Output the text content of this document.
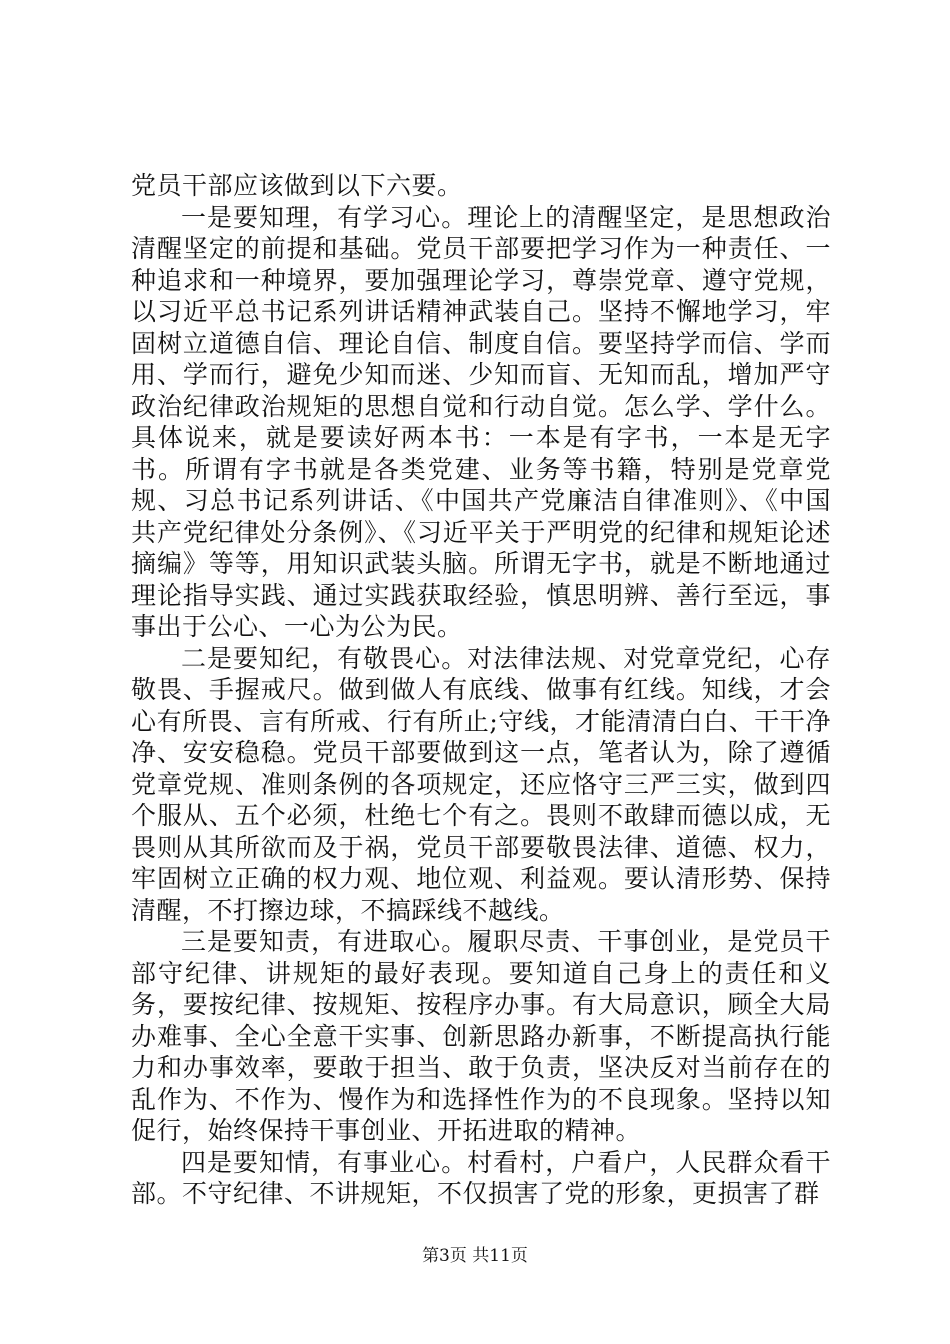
党员干部应该做到以下六要。

一是要知理，有学习心。理论上的清醒坚定，是思想政治清醒坚定的前提和基础。党员干部要把学习作为一种责任、一种追求和一种境界，要加强理论学习，尊崇党章、遵守党规，以习近平总书记系列讲话精神武装自己。坚持不懈地学习，牢固树立道德自信、理论自信、制度自信。要坚持学而信、学而用、学而行，避免少知而迷、少知而盲、无知而乱，增加严守政治纪律政治规矩的思想自觉和行动自觉。怎么学、学什么。具体说来，就是要读好两本书：一本是有字书，一本是无字书。所谓有字书就是各类党建、业务等书籍，特别是党章党规、习总书记系列讲话、《中国共产党廉洁自律准则》、《中国共产党纪律处分条例》、《习近平关于严明党的纪律和规矩论述摘编》等等，用知识武装头脑。所谓无字书，就是不断地通过理论指导实践、通过实践获取经验，慎思明辨、善行至远，事事出于公心、一心为公为民。

二是要知纪，有敬畏心。对法律法规、对党章党纪，心存敬畏、手握戒尺。做到做人有底线、做事有红线。知线，才会心有所畏、言有所戒、行有所止;守线，才能清清白白、干干净净、安安稳稳。党员干部要做到这一点，笔者认为，除了遵循党章党规、准则条例的各项规定，还应恪守三严三实，做到四个服从、五个必须，杜绝七个有之。畏则不敢肆而德以成，无畏则从其所欲而及于祸，党员干部要敬畏法律、道德、权力，牢固树立正确的权力观、地位观、利益观。要认清形势、保持清醒，不打擦边球，不搞踩线不越线。

三是要知责，有进取心。履职尽责、干事创业，是党员干部守纪律、讲规矩的最好表现。要知道自己身上的责任和义务，要按纪律、按规矩、按程序办事。有大局意识，顾全大局办难事、全心全意干实事、创新思路办新事，不断提高执行能力和办事效率，要敢于担当、敢于负责，坚决反对当前存在的乱作为、不作为、慢作为和选择性作为的不良现象。坚持以知促行，始终保持干事创业、开拓进取的精神。

四是要知情，有事业心。村看村，户看户，人民群众看干部。不守纪律、不讲规矩，不仅损害了党的形象，更损害了群

第3页 共11页
